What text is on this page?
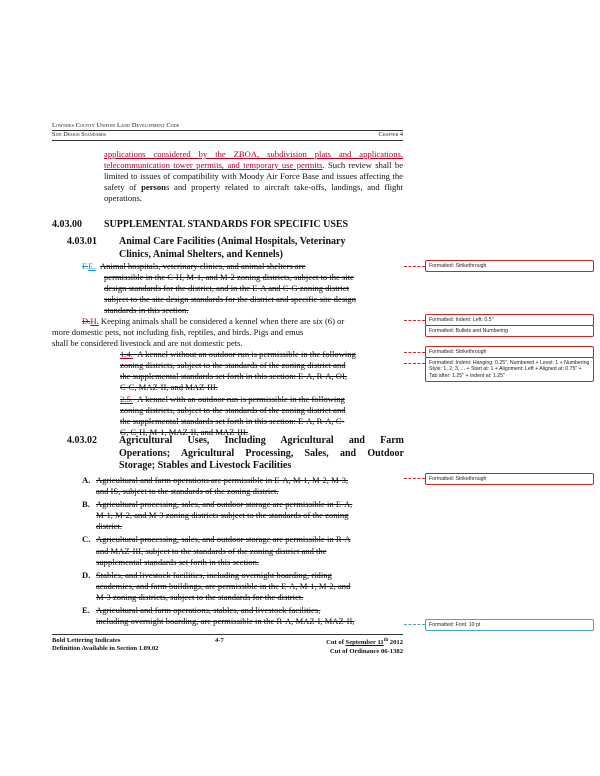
Lowndes County Unified Land Development Code
Site Design Standards	Chapter 4
applications considered by the ZBOA, subdivision plats and applications, telecommunication tower permits, and temporary use permits. Such review shall be limited to issues of compatibility with Moody Air Force Base and issues affecting the safety of persons and property related to aircraft take-offs, landings, and flight operations.
4.03.00 SUPPLEMENTAL STANDARDS FOR SPECIFIC USES
4.03.01 Animal Care Facilities (Animal Hospitals, Veterinary
Clinics, Animal Shelters, and Kennels)
F.E. Animal hospitals, veterinary clinics, and animal shelters are
permissible in the C-H, M-1, and M-2 zoning districts, subject to the site
design standards for the district, and in the E-A and C-G zoning district
subject to the site design standards for the district and specific site design
standards in this section.
D.H. Keeping animals shall be considered a kennel when there are six (6) or
more domestic pets, not including fish, reptiles, and birds. Pigs and emus
shall be considered livestock and are not domestic pets.
1.4. A kennel without an outdoor run is permissible in the following
zoning districts, subject to the standards of the zoning district and
the supplemental standards set forth in this section: E-A, R-A, OI,
C-C, MAZ-II, and MAZ-III.
2.5. A kennel with an outdoor run is permissible in the following
zoning districts, subject to the standards of the zoning district and
the supplemental standards set forth in this section: E-A, R-A, C-
G, C-H, M-1, MAZ-II, and MAZ-III.
4.03.02 Agricultural Uses, Including Agricultural and Farm
Operations; Agricultural Processing, Sales, and Outdoor
Storage; Stables and Livestock Facilities
A. Agricultural and farm operations are permissible in E-A, M-1, M-2, M-3,
and IS, subject to the standards of the zoning district.
B. Agricultural processing, sales, and outdoor storage are permissible in E-A,
M-1, M-2, and M-3 zoning districts subject to the standards of the zoning
district.
C. Agricultural processing, sales, and outdoor storage are permissible in R-A
and MAZ-III, subject to the standards of the zoning district and the
supplemental standards set forth in this section.
D. Stables, and livestock facilities, including overnight boarding, riding
academies, and farm buildings, are permissible in the E-A, M-1, M-2, and
M-3 zoning districts, subject to the standards for the district.
E. Agricultural and farm operations, stables, and livestock facilities,
including overnight boarding, are permissible in the R-A, MAZ-I, MAZ-II,
Bold Lettering Indicates
Definition Available in Section 1.09.02
4-7	Cut of September 11th 2012
Cut of Ordinance 06-1382
Formatted: Strikethrough
Formatted: Indent: Left: 0.5"
Formatted: Bullets and Numbering
Formatted: Strikethrough
Formatted: Indent: Hanging: 0.25", Numbered + Level: 1 + Numbering Style: 1, 2, 3, ... + Start at: 1 + Alignment: Left + Aligned at: 0.75" + Tab after: 1.25" + Indent at: 1.25"
Formatted: Strikethrough
Formatted: Font: 10 pt
